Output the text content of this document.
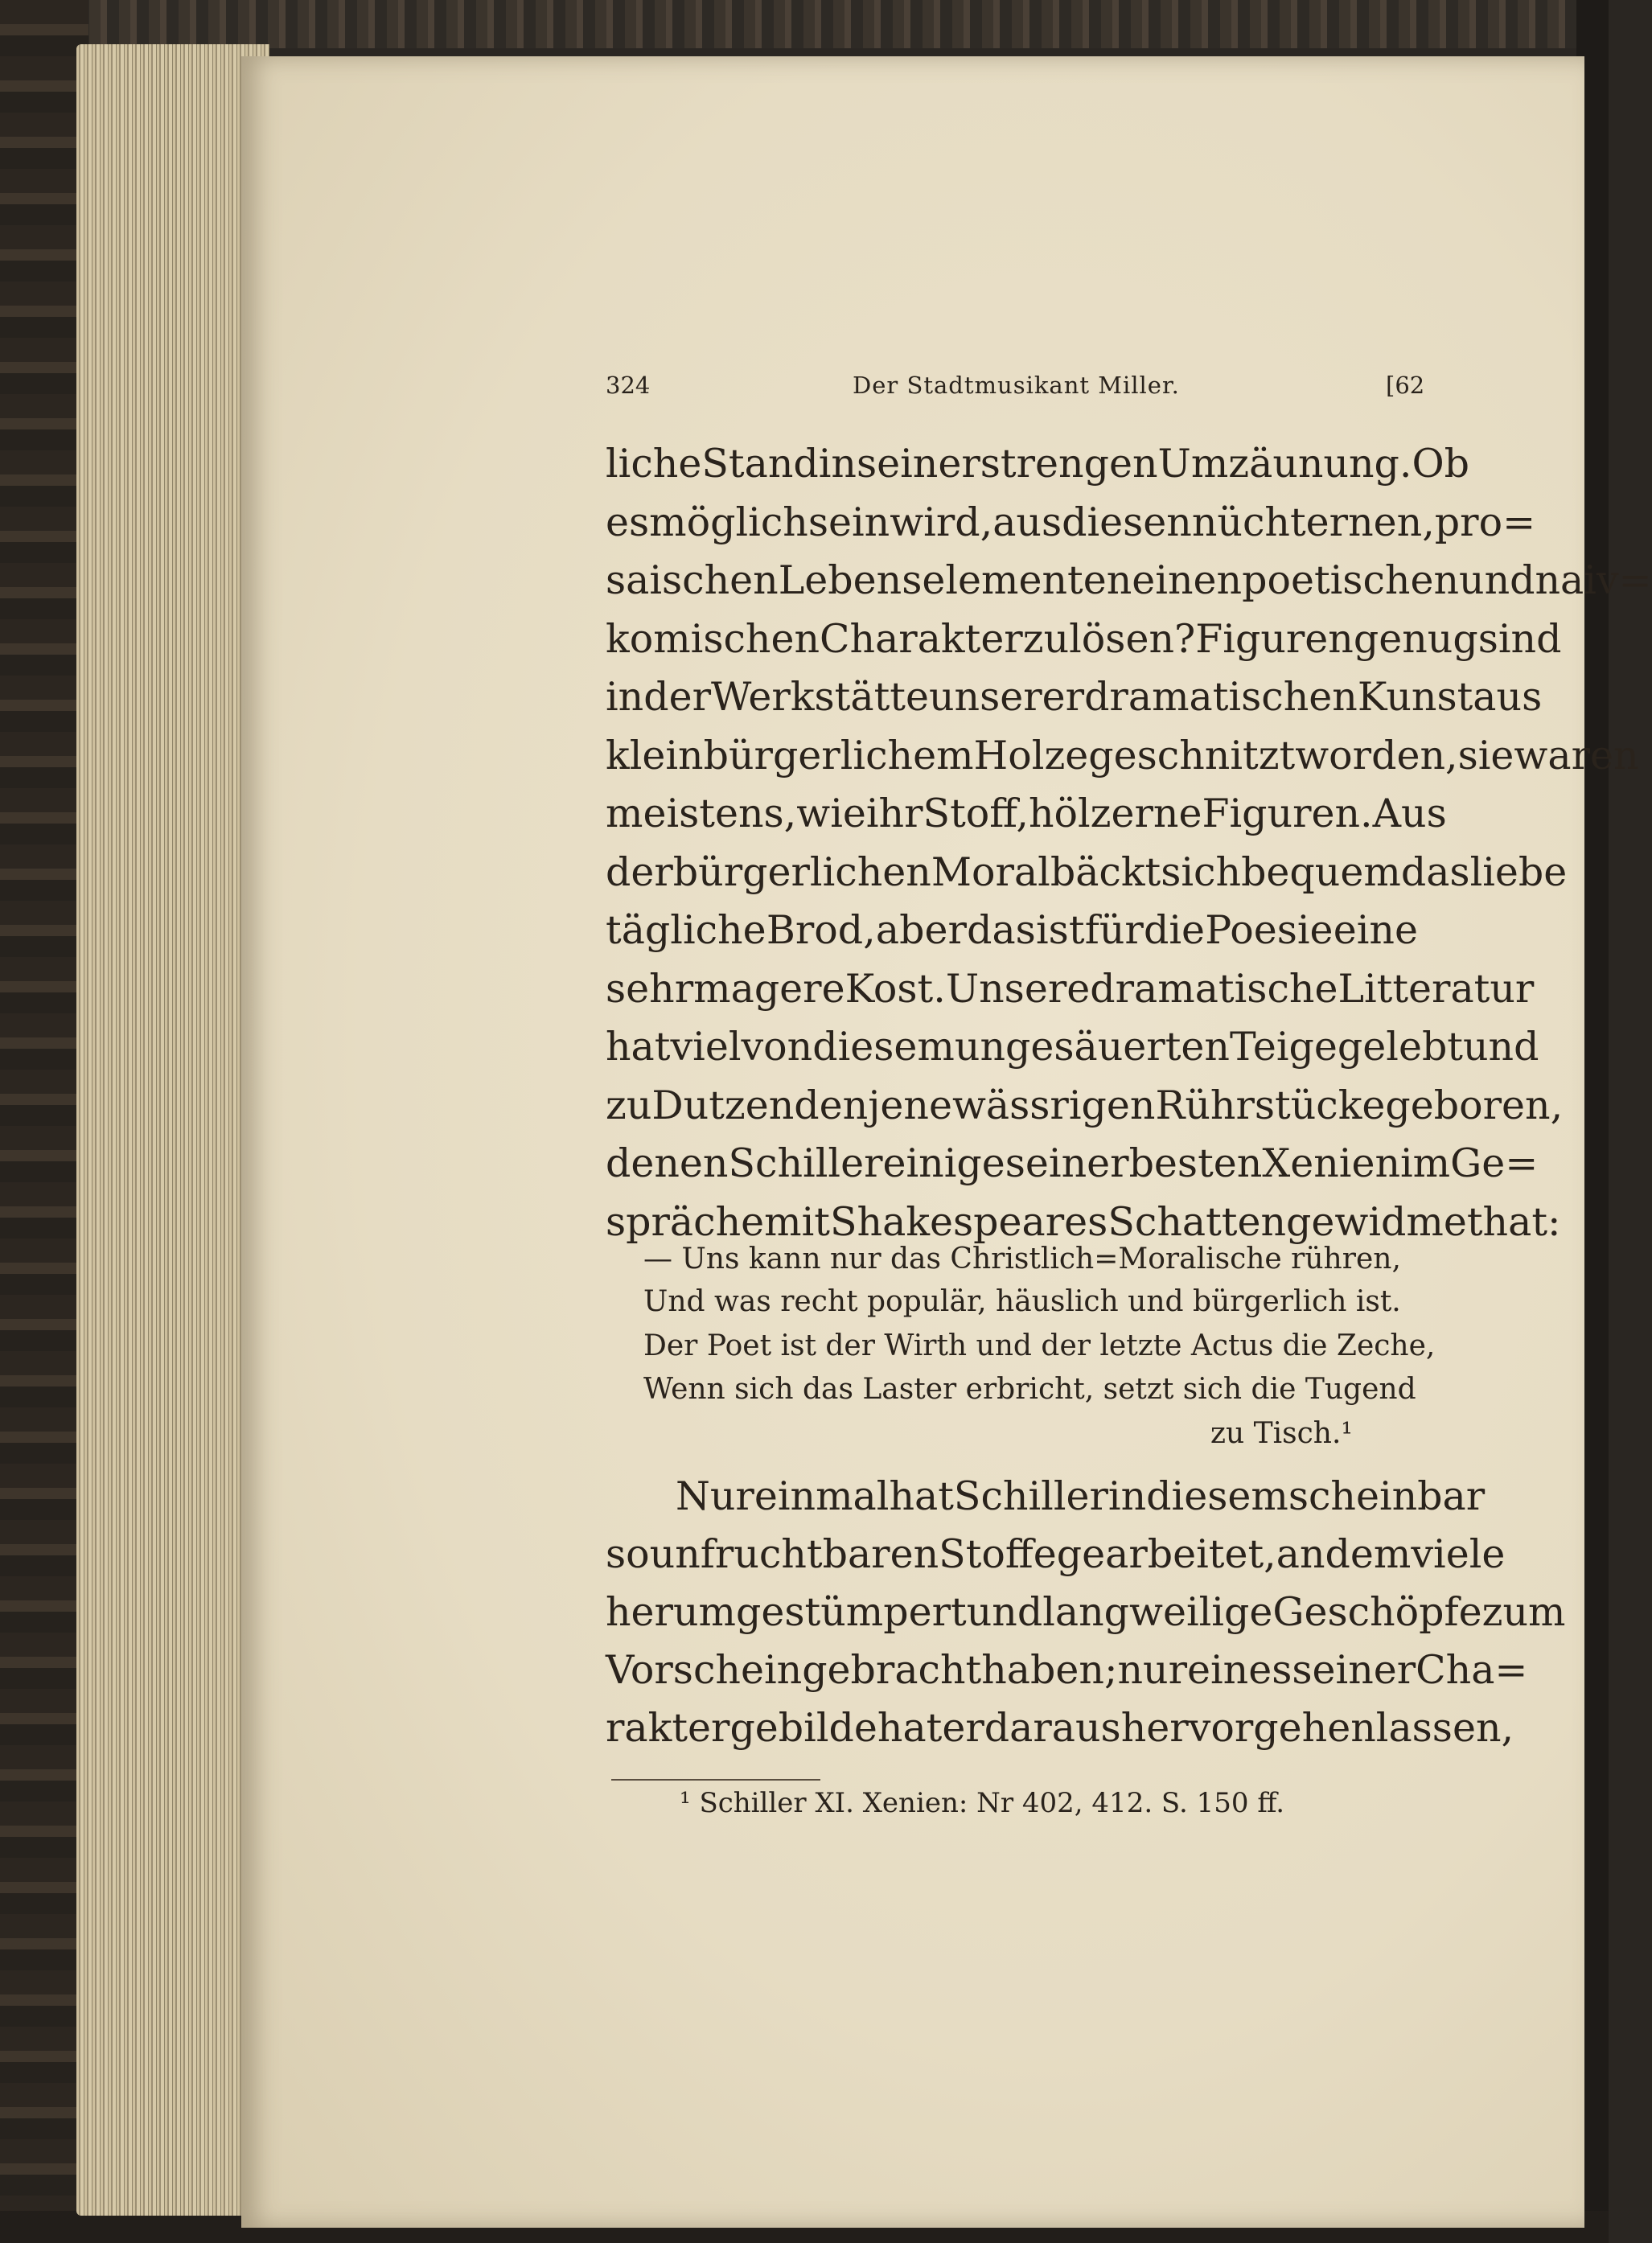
324	Der Stadtmusikant Miller.	[62
liche Stand in seiner strengen Umzäunung. Ob
es möglich sein wird, aus diesen nüchternen, pro=
saischen Lebenselementen einen poetischen und naiv=
komischen Charakter zu lösen? Figuren genug sind
in der Werkstätte unserer dramatischen Kunst aus
kleinbürgerlichem Holze geschnitzt worden, sie waren
meistens, wie ihr Stoff, hölzerne Figuren. Aus
der bürgerlichen Moral bäckt sich bequem das liebe
tägliche Brod, aber das ist für die Poesie eine
sehr magere Kost. Unsere dramatische Litteratur
hat viel von diesem ungesäuerten Teige gelebt und
zu Dutzenden jene wässrigen Rührstücke geboren,
denen Schiller einige seiner besten Xenien im Ge=
spräche mit Shakespeares Schatten gewidmet hat:
— Uns kann nur das Christlich=Moralische rühren,
Und was recht populär, häuslich und bürgerlich ist.
Der Poet ist der Wirth und der letzte Actus die Zeche,
Wenn sich das Laster erbricht, setzt sich die Tugend
zu Tisch.¹
Nur einmal hat Schiller in diesem scheinbar
so unfruchtbaren Stoffe gearbeitet, an dem viele
herumgestümpert und langweilige Geschöpfe zum
Vorschein gebracht haben; nur eines seiner Cha=
raktergebilde hat er daraus hervorgehen lassen,
¹ Schiller XI. Xenien: Nr 402, 412. S. 150 ff.
